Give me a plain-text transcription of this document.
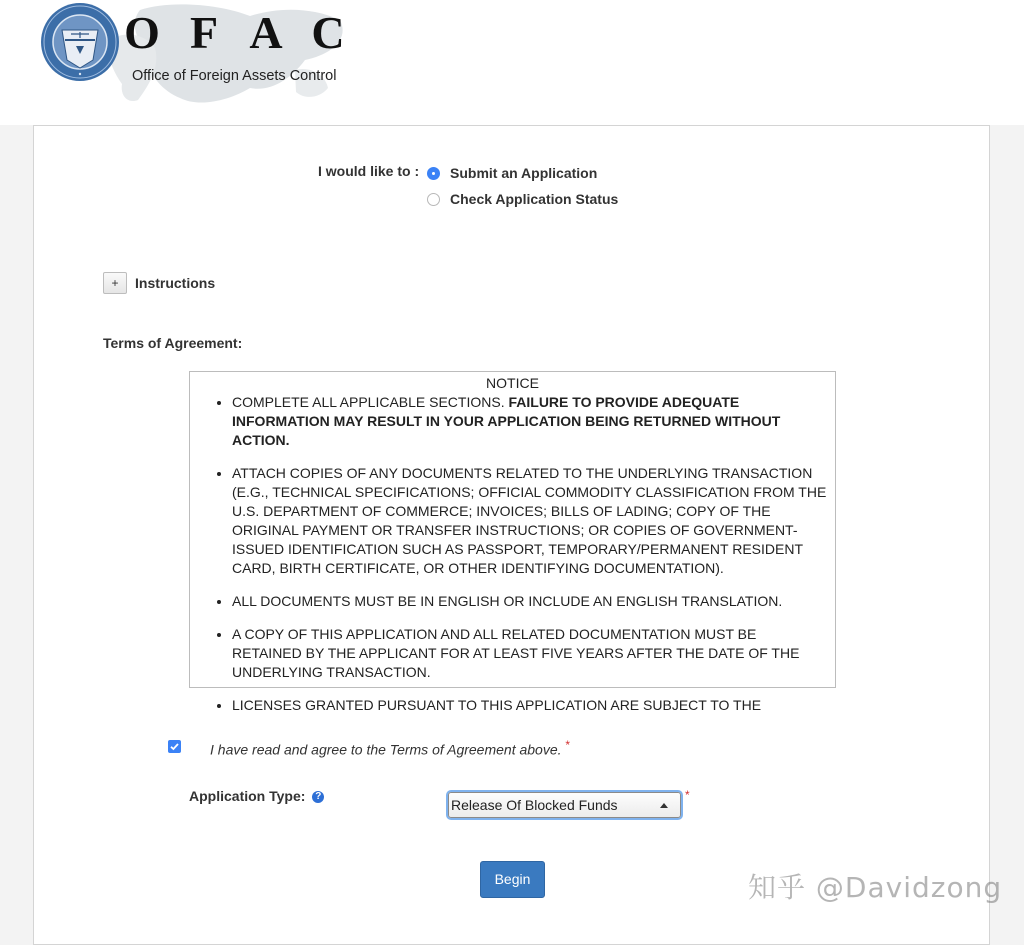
O F A C
Office of Foreign Assets Control
I would like to : Submit an Application
Check Application Status
+	Instructions
Terms of Agreement:
NOTICE
• COMPLETE ALL APPLICABLE SECTIONS. FAILURE TO PROVIDE ADEQUATE INFORMATION MAY RESULT IN YOUR APPLICATION BEING RETURNED WITHOUT ACTION.
• ATTACH COPIES OF ANY DOCUMENTS RELATED TO THE UNDERLYING TRANSACTION (E.G., TECHNICAL SPECIFICATIONS; OFFICIAL COMMODITY CLASSIFICATION FROM THE U.S. DEPARTMENT OF COMMERCE; INVOICES; BILLS OF LADING; COPY OF THE ORIGINAL PAYMENT OR TRANSFER INSTRUCTIONS; OR COPIES OF GOVERNMENT-ISSUED IDENTIFICATION SUCH AS PASSPORT, TEMPORARY/PERMANENT RESIDENT CARD, BIRTH CERTIFICATE, OR OTHER IDENTIFYING DOCUMENTATION).
• ALL DOCUMENTS MUST BE IN ENGLISH OR INCLUDE AN ENGLISH TRANSLATION.
• A COPY OF THIS APPLICATION AND ALL RELATED DOCUMENTATION MUST BE RETAINED BY THE APPLICANT FOR AT LEAST FIVE YEARS AFTER THE DATE OF THE UNDERLYING TRANSACTION.
• LICENSES GRANTED PURSUANT TO THIS APPLICATION ARE SUBJECT TO THE
I have read and agree to the Terms of Agreement above. *
Application Type: ?
Release Of Blocked Funds
*
Begin	知乎 @Davidzong
